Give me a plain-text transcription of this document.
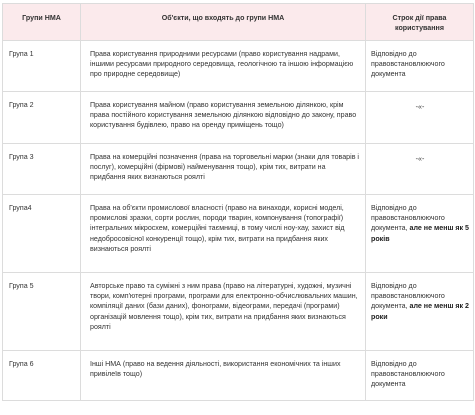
Групи НМА	Об'єкти, що входять до групи НМА	Строк дії права користування

Група 1	Права користування природними ресурсами (право користування надрами, іншими ресурсами природного середовища, геологічною та іншою інформацією про природне середовище)	Відповідно до правовстановлюючого документа

Група 2	Права користування майном (право користування земельною ділянкою, крім права постійного користування земельною ділянкою відповідно до закону, право користування будівлею, право на оренду приміщень тощо)	-«-

Група 3	Права на комерційні позначення (права на торговельні марки (знаки для товарів і послуг), комерційні (фірмові) найменування тощо), крім тих, витрати на придбання яких визнаються роялті	-«-

Група4	Права на об'єкти промислової власності (право на винаходи, корисні моделі, промислові зразки, сорти рослин, породи тварин, компонування (топографії) інтегральних мікросхем, комерційні таємниці, в тому числі ноу-хау, захист від недобросовісної конкуренції тощо), крім тих, витрати на придбання яких визнаються роялті	Відповідно до правовстановлюючого документа, але не менш як 5 років

Група 5	Авторське право та суміжні з ним права (право на літературні, художні, музичні твори, комп'ютерні програми, програми для електронно-обчислювальних машин, компіляції даних (бази даних), фонограми, відеограми, передачі (програми) організацій мовлення тощо), крім тих, витрати на придбання яких визнаються роялті	Відповідно до правовстановлюючого документа, але не менш як 2 роки

Група 6	Інші НМА (право на ведення діяльності, використання економічних та інших привілеїв тощо)	Відповідно до правовстановлюючого документа
